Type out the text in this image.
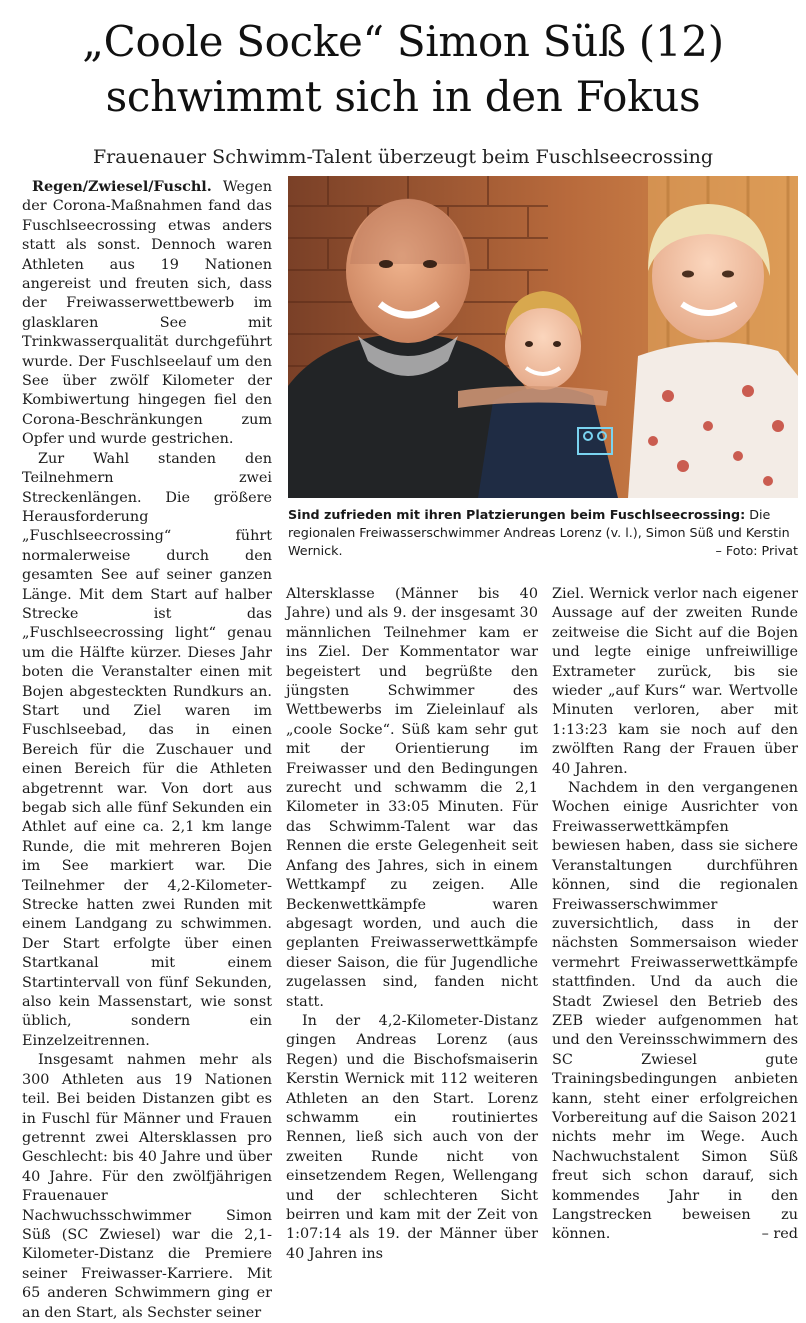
„Coole Socke“ Simon Süß (12)
schwimmt sich in den Fokus

Frauenauer Schwimm-Talent überzeugt beim Fuschlseecrossing

Regen/Zwiesel/Fuschl. Wegen der Corona-Maßnahmen fand das Fuschlseecrossing etwas anders statt als sonst. Dennoch waren Athleten aus 19 Nationen angereist und freuten sich, dass der Freiwasserwettbewerb im glasklaren See mit Trinkwasserqualität durchgeführt wurde. Der Fuschlseelauf um den See über zwölf Kilometer der Kombiwertung hingegen fiel den Corona-Beschränkungen zum Opfer und wurde gestrichen.

Zur Wahl standen den Teilnehmern zwei Streckenlängen. Die größere Herausforderung „Fuschlseecrossing“ führt normalerweise durch den gesamten See auf seiner ganzen Länge. Mit dem Start auf halber Strecke ist das „Fuschlseecrossing light“ genau um die Hälfte kürzer. Dieses Jahr boten die Veranstalter einen mit Bojen abgesteckten Rundkurs an. Start und Ziel waren im Fuschlseebad, das in einen Bereich für die Zuschauer und einen Bereich für die Athleten abgetrennt war. Von dort aus begab sich alle fünf Sekunden ein Athlet auf eine ca. 2,1 km lange Runde, die mit mehreren Bojen im See markiert war. Die Teilnehmer der 4,2-Kilometer-Strecke hatten zwei Runden mit einem Landgang zu schwimmen. Der Start erfolgte über einen Startkanal mit einem Startintervall von fünf Sekunden, also kein Massenstart, wie sonst üblich, sondern ein Einzelzeitrennen.

Insgesamt nahmen mehr als 300 Athleten aus 19 Nationen teil. Bei beiden Distanzen gibt es in Fuschl für Männer und Frauen getrennt zwei Altersklassen pro Geschlecht: bis 40 Jahre und über 40 Jahre. Für den zwölfjährigen Frauenauer Nachwuchsschwimmer Simon Süß (SC Zwiesel) war die 2,1-Kilometer-Distanz die Premiere seiner Freiwasser-Karriere. Mit 65 anderen Schwimmern ging er an den Start, als Sechster seiner

Sind zufrieden mit ihren Platzierungen beim Fuschlseecrossing: Die regionalen Freiwasserschwimmer Andreas Lorenz (v. l.), Simon Süß und Kerstin Wernick.	– Foto: Privat

Altersklasse (Männer bis 40 Jahre) und als 9. der insgesamt 30 männlichen Teilnehmer kam er ins Ziel. Der Kommentator war begeistert und begrüßte den jüngsten Schwimmer des Wettbewerbs im Zieleinlauf als „coole Socke“. Süß kam sehr gut mit der Orientierung im Freiwasser und den Bedingungen zurecht und schwamm die 2,1 Kilometer in 33:05 Minuten. Für das Schwimm-Talent war das Rennen die erste Gelegenheit seit Anfang des Jahres, sich in einem Wettkampf zu zeigen. Alle Beckenwettkämpfe waren abgesagt worden, und auch die geplanten Freiwasserwettkämpfe dieser Saison, die für Jugendliche zugelassen sind, fanden nicht statt.

In der 4,2-Kilometer-Distanz gingen Andreas Lorenz (aus Regen) und die Bischofsmaiserin Kerstin Wernick mit 112 weiteren Athleten an den Start. Lorenz schwamm ein routiniertes Rennen, ließ sich auch von der zweiten Runde nicht von einsetzendem Regen, Wellengang und der schlechteren Sicht beirren und kam mit der Zeit von 1:07:14 als 19. der Männer über 40 Jahren ins

Ziel. Wernick verlor nach eigener Aussage auf der zweiten Runde zeitweise die Sicht auf die Bojen und legte einige unfreiwillige Extrameter zurück, bis sie wieder „auf Kurs“ war. Wertvolle Minuten verloren, aber mit 1:13:23 kam sie noch auf den zwölften Rang der Frauen über 40 Jahren.

Nachdem in den vergangenen Wochen einige Ausrichter von Freiwasserwettkämpfen bewiesen haben, dass sie sichere Veranstaltungen durchführen können, sind die regionalen Freiwasserschwimmer zuversichtlich, dass in der nächsten Sommersaison wieder vermehrt Freiwasserwettkämpfe stattfinden. Und da auch die Stadt Zwiesel den Betrieb des ZEB wieder aufgenommen hat und den Vereinsschwimmern des SC Zwiesel gute Trainingsbedingungen anbieten kann, steht einer erfolgreichen Vorbereitung auf die Saison 2021 nichts mehr im Wege. Auch Nachwuchstalent Simon Süß freut sich schon darauf, sich kommendes Jahr in den Langstrecken beweisen zu können.	– red
